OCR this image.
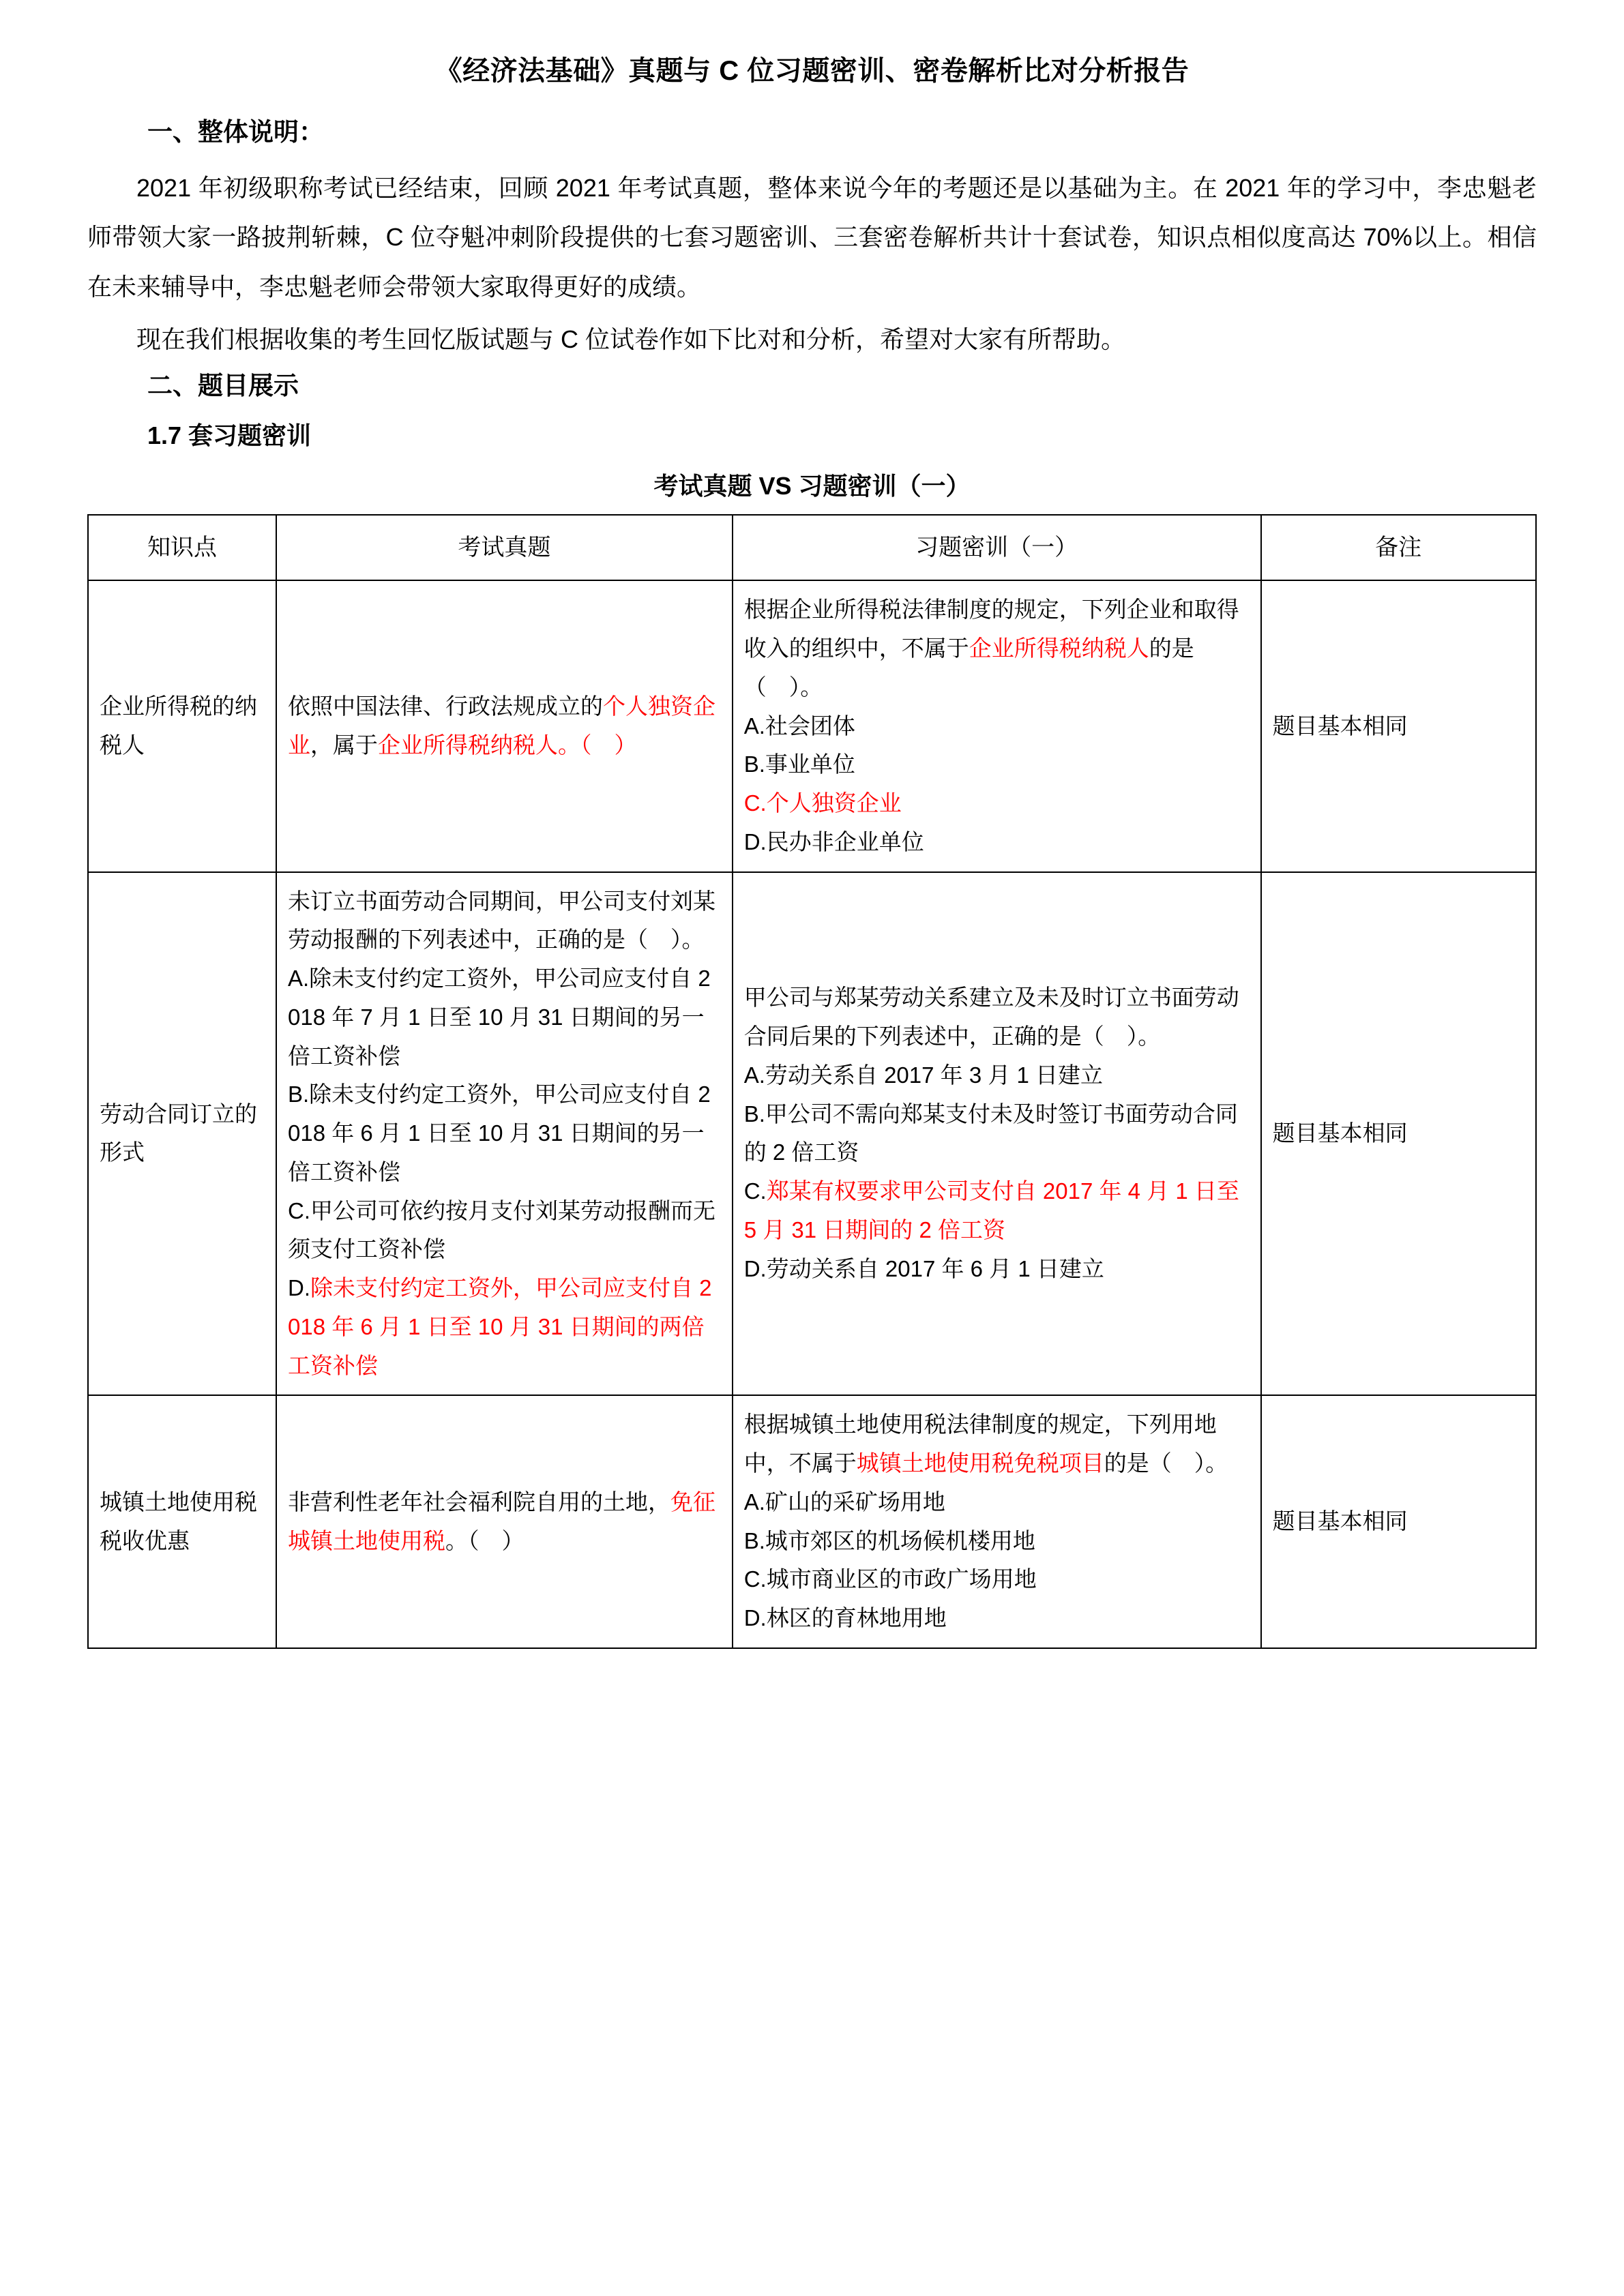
《经济法基础》真题与 C 位习题密训、密卷解析比对分析报告
一、整体说明：

2021 年初级职称考试已经结束，回顾 2021 年考试真题，整体来说今年的考题还是以基础为主。在 2021 年的学习中，李忠魁老师带领大家一路披荆斩棘，C 位夺魁冲刺阶段提供的七套习题密训、三套密卷解析共计十套试卷，知识点相似度高达 70%以上。相信在未来辅导中，李忠魁老师会带领大家取得更好的成绩。

现在我们根据收集的考生回忆版试题与 C 位试卷作如下比对和分析，希望对大家有所帮助。

二、题目展示
1.7 套习题密训
考试真题 VS 习题密训（一）
知识点	考试真题	习题密训（一）	备注
企业所得税的纳税人	依照中国法律、行政法规成立的个人独资企业，属于企业所得税纳税人。（　）	根据企业所得税法律制度的规定，下列企业和取得收入的组织中，不属于企业所得税纳税人的是（　）。
A.社会团体
B.事业单位
C.个人独资企业
D.民办非企业单位	题目基本相同
劳动合同订立的形式	未订立书面劳动合同期间，甲公司支付刘某劳动报酬的下列表述中，正确的是（　）。
A.除未支付约定工资外，甲公司应支付自 2018 年 7 月 1 日至 10 月 31 日期间的另一倍工资补偿
B.除未支付约定工资外，甲公司应支付自 2018 年 6 月 1 日至 10 月 31 日期间的另一倍工资补偿
C.甲公司可依约按月支付刘某劳动报酬而无须支付工资补偿
D.除未支付约定工资外，甲公司应支付自 2018 年 6 月 1 日至 10 月 31 日期间的两倍工资补偿
	甲公司与郑某劳动关系建立及未及时订立书面劳动合同后果的下列表述中，正确的是（　）。
A.劳动关系自 2017 年 3 月 1 日建立
B.甲公司不需向郑某支付未及时签订书面劳动合同的 2 倍工资
C.郑某有权要求甲公司支付自 2017 年 4 月 1 日至 5 月 31 日期间的 2 倍工资
D.劳动关系自 2017 年 6 月 1 日建立
	题目基本相同
城镇土地使用税税收优惠	非营利性老年社会福利院自用的土地，免征城镇土地使用税。（　）	根据城镇土地使用税法律制度的规定，下列用地中，不属于城镇土地使用税免税项目的是（　）。
A.矿山的采矿场用地
B.城市郊区的机场候机楼用地
C.城市商业区的市政广场用地
D.林区的育林地用地	题目基本相同
